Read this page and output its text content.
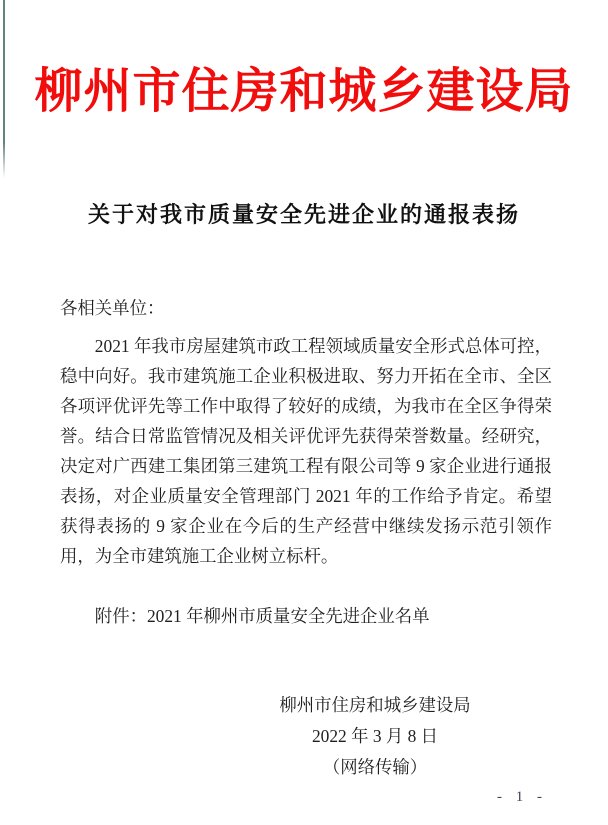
柳州市住房和城乡建设局
关于对我市质量安全先进企业的通报表扬
各相关单位：

2021 年我市房屋建筑市政工程领域质量安全形式总体可控，稳中向好。我市建筑施工企业积极进取、努力开拓在全市、全区各项评优评先等工作中取得了较好的成绩，为我市在全区争得荣誉。结合日常监管情况及相关评优评先获得荣誉数量。经研究，决定对广西建工集团第三建筑工程有限公司等 9 家企业进行通报表扬，对企业质量安全管理部门 2021 年的工作给予肯定。希望获得表扬的 9 家企业在今后的生产经营中继续发扬示范引领作用，为全市建筑施工企业树立标杆。

附件：2021 年柳州市质量安全先进企业名单
柳州市住房和城乡建设局
2022 年 3 月 8 日
（网络传输）
- 1 -
